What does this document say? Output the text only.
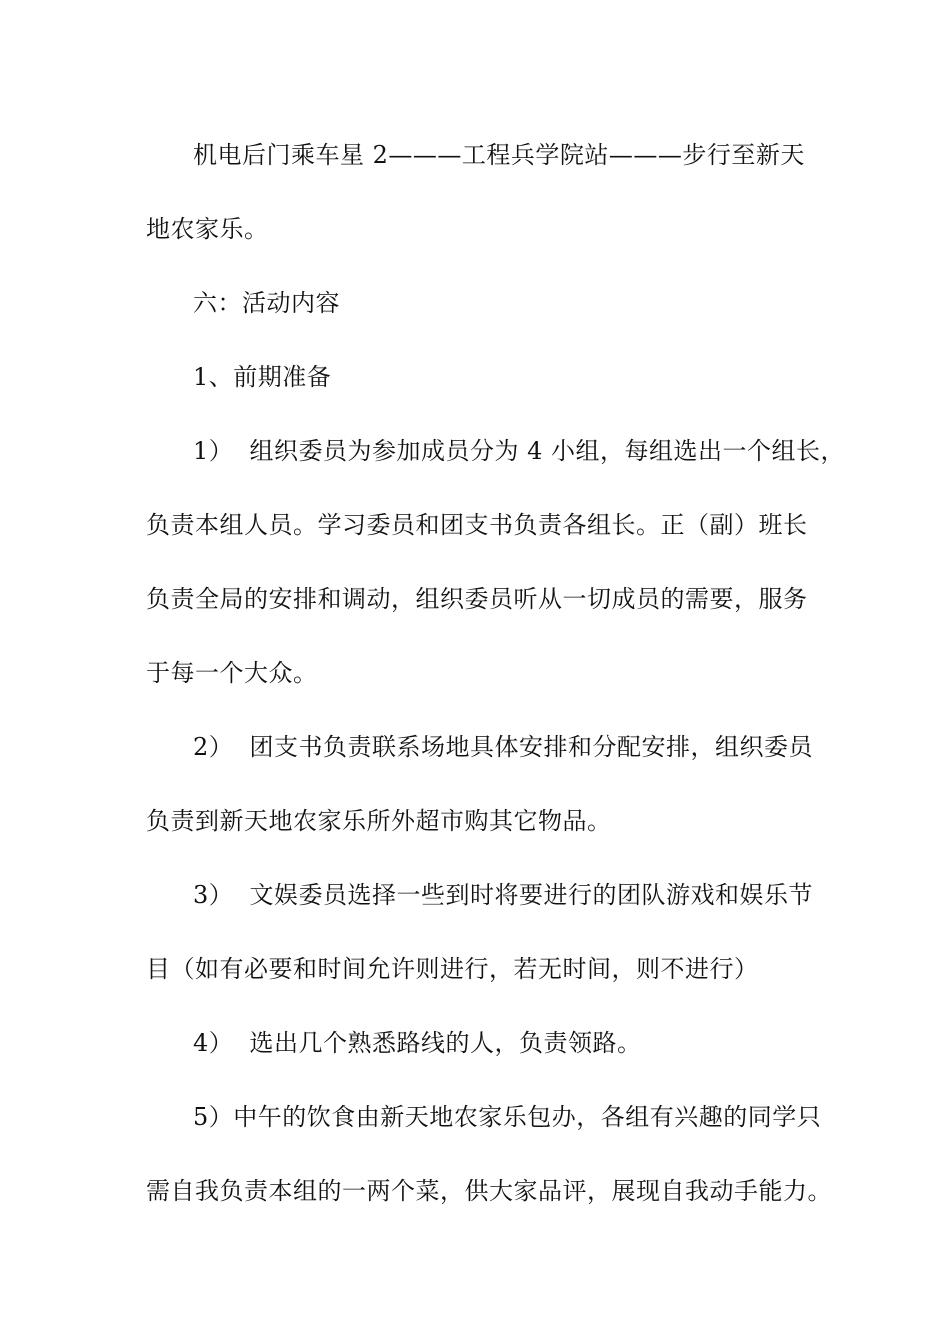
机电后门乘车星 2———工程兵学院站———步行至新天
地农家乐。
六：活动内容
1、前期准备
1）  组织委员为参加成员分为 4 小组，每组选出一个组长，
负责本组人员。学习委员和团支书负责各组长。正（副）班长
负责全局的安排和调动，组织委员听从一切成员的需要，服务
于每一个大众。
2）  团支书负责联系场地具体安排和分配安排，组织委员
负责到新天地农家乐所外超市购其它物品。
3）  文娱委员选择一些到时将要进行的团队游戏和娱乐节
目（如有必要和时间允许则进行，若无时间，则不进行）
4）  选出几个熟悉路线的人，负责领路。
5）中午的饮食由新天地农家乐包办，各组有兴趣的同学只
需自我负责本组的一两个菜，供大家品评，展现自我动手能力。
